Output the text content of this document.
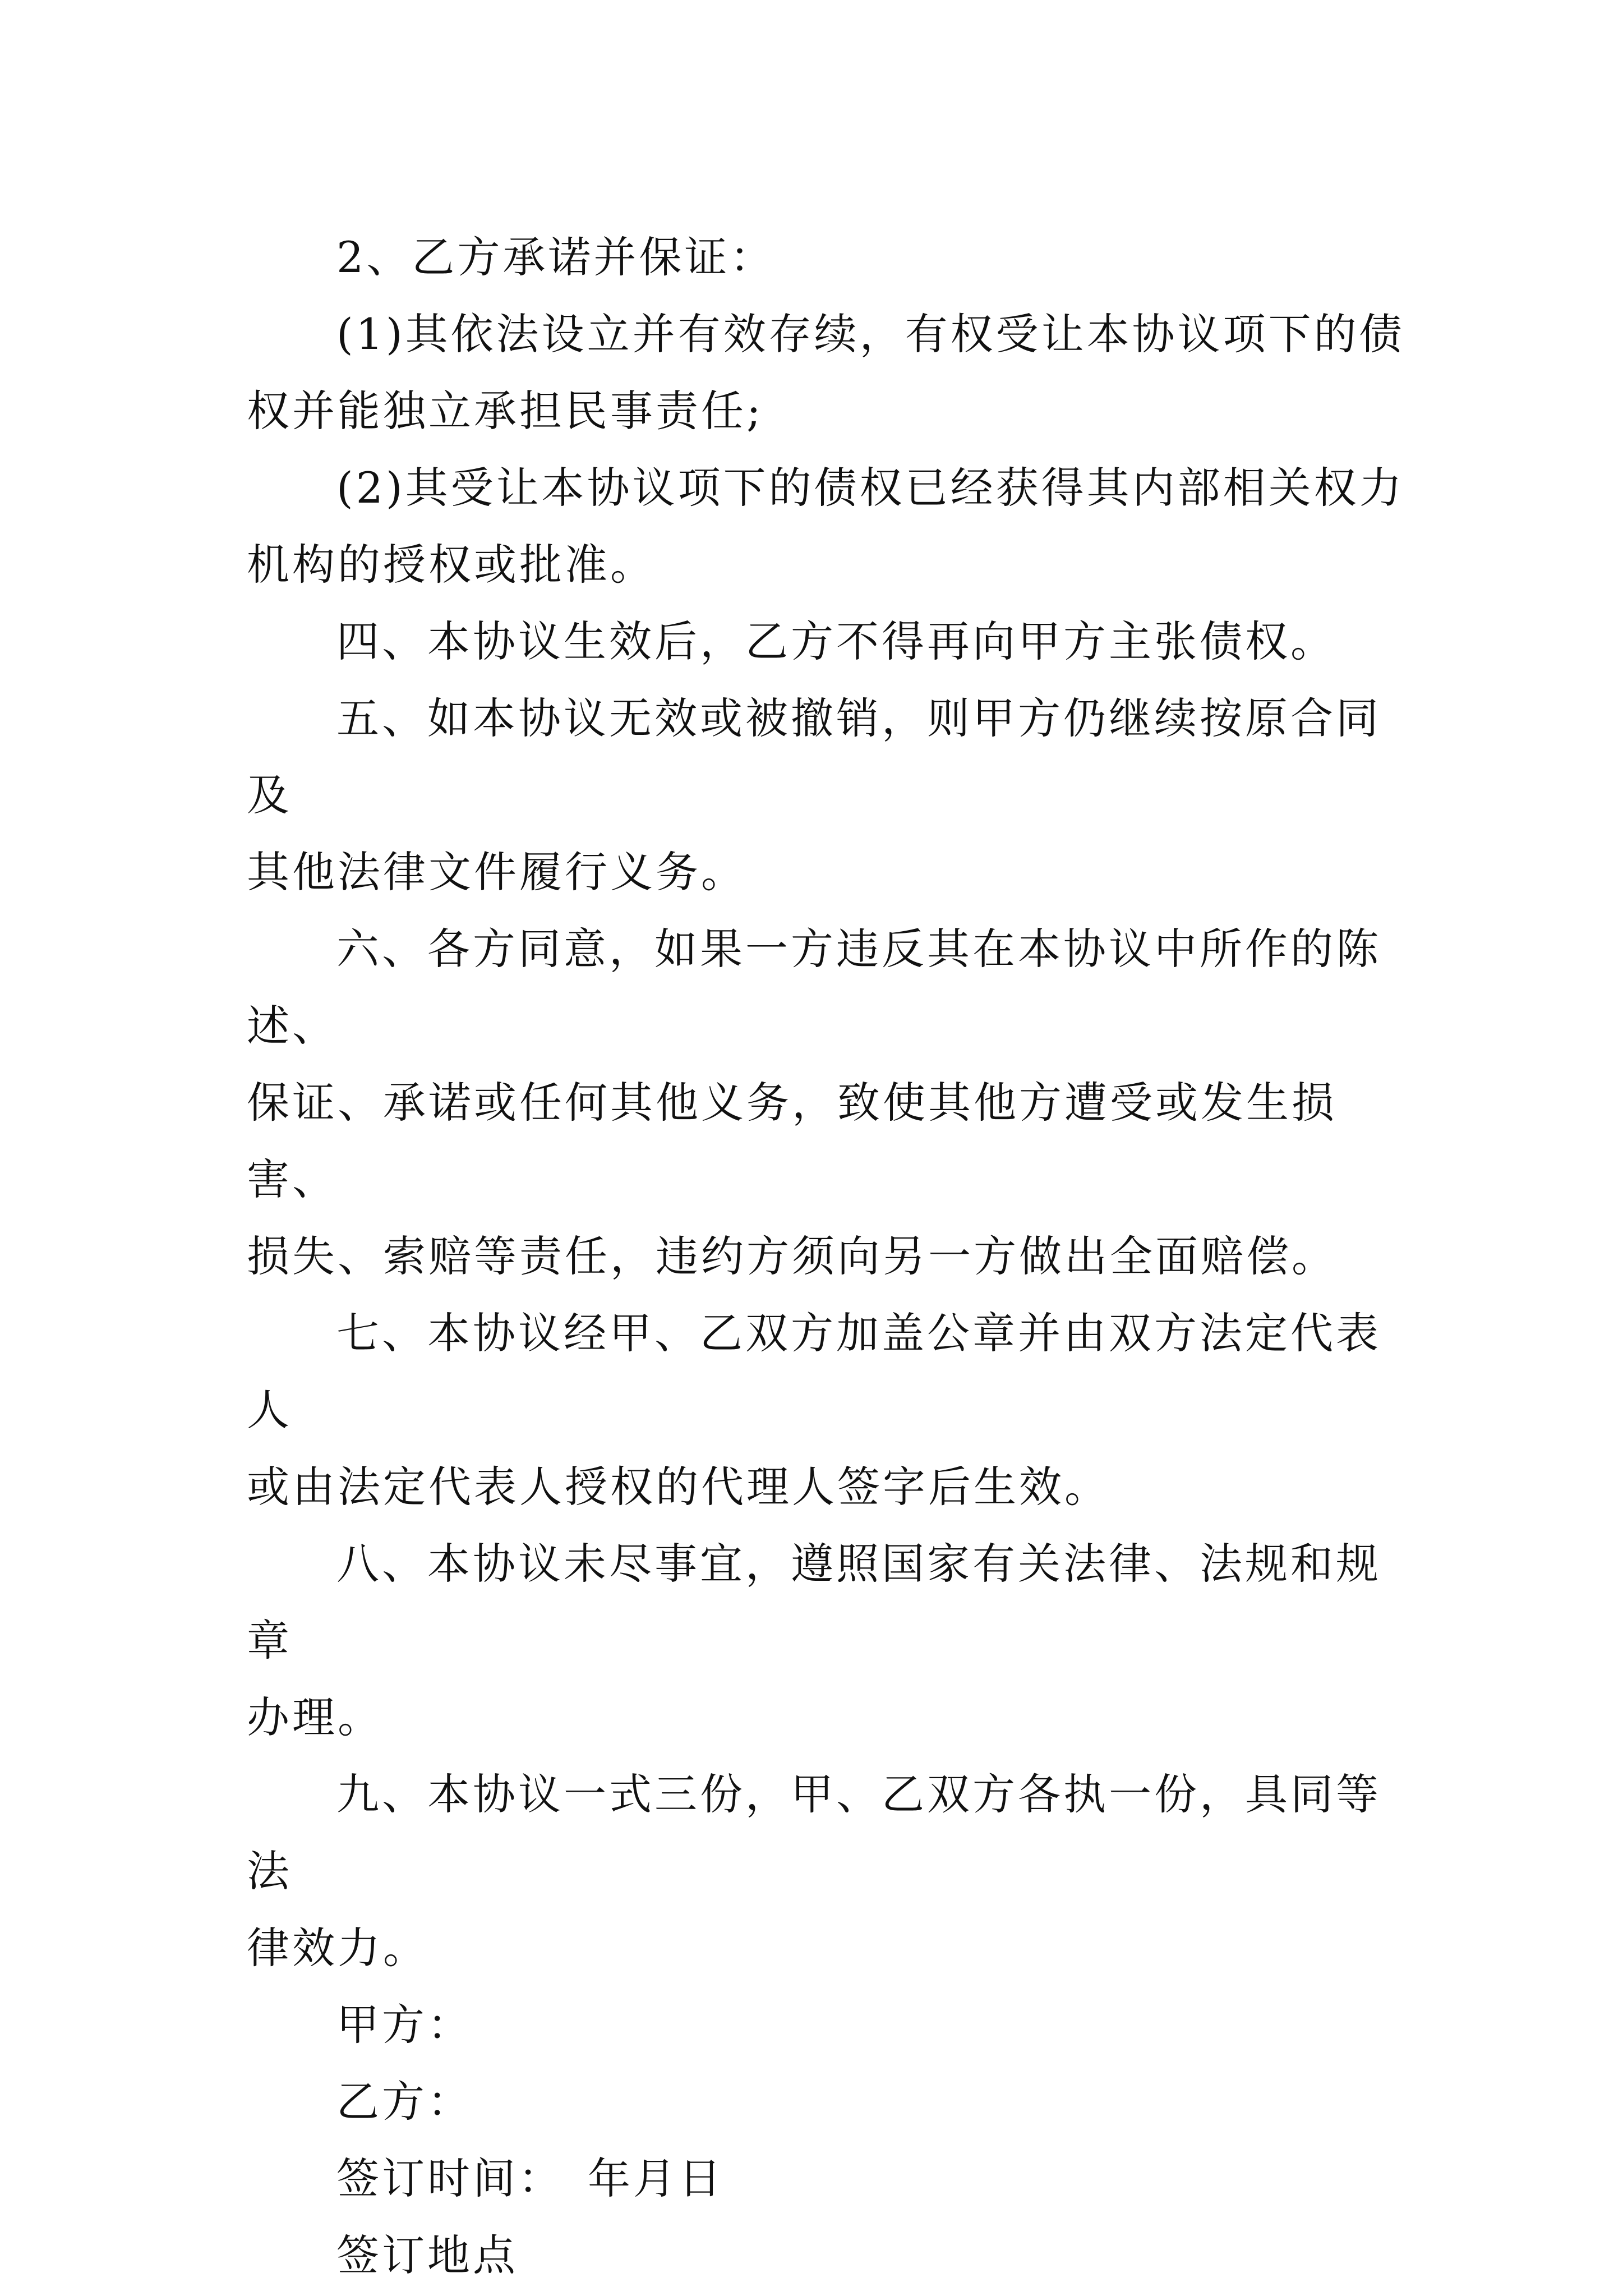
2、乙方承诺并保证：
(1)其依法设立并有效存续，有权受让本协议项下的债
权并能独立承担民事责任;
(2)其受让本协议项下的债权已经获得其内部相关权力
机构的授权或批准。
四、本协议生效后，乙方不得再向甲方主张债权。
五、如本协议无效或被撤销，则甲方仍继续按原合同及
其他法律文件履行义务。
六、各方同意，如果一方违反其在本协议中所作的陈述、
保证、承诺或任何其他义务，致使其他方遭受或发生损害、
损失、索赔等责任，违约方须向另一方做出全面赔偿。
七、本协议经甲、乙双方加盖公章并由双方法定代表人
或由法定代表人授权的代理人签字后生效。
八、本协议未尽事宜，遵照国家有关法律、法规和规章
办理。
九、本协议一式三份，甲、乙双方各执一份，具同等法
律效力。
甲方：
乙方：
签订时间：　年月日
签订地点
